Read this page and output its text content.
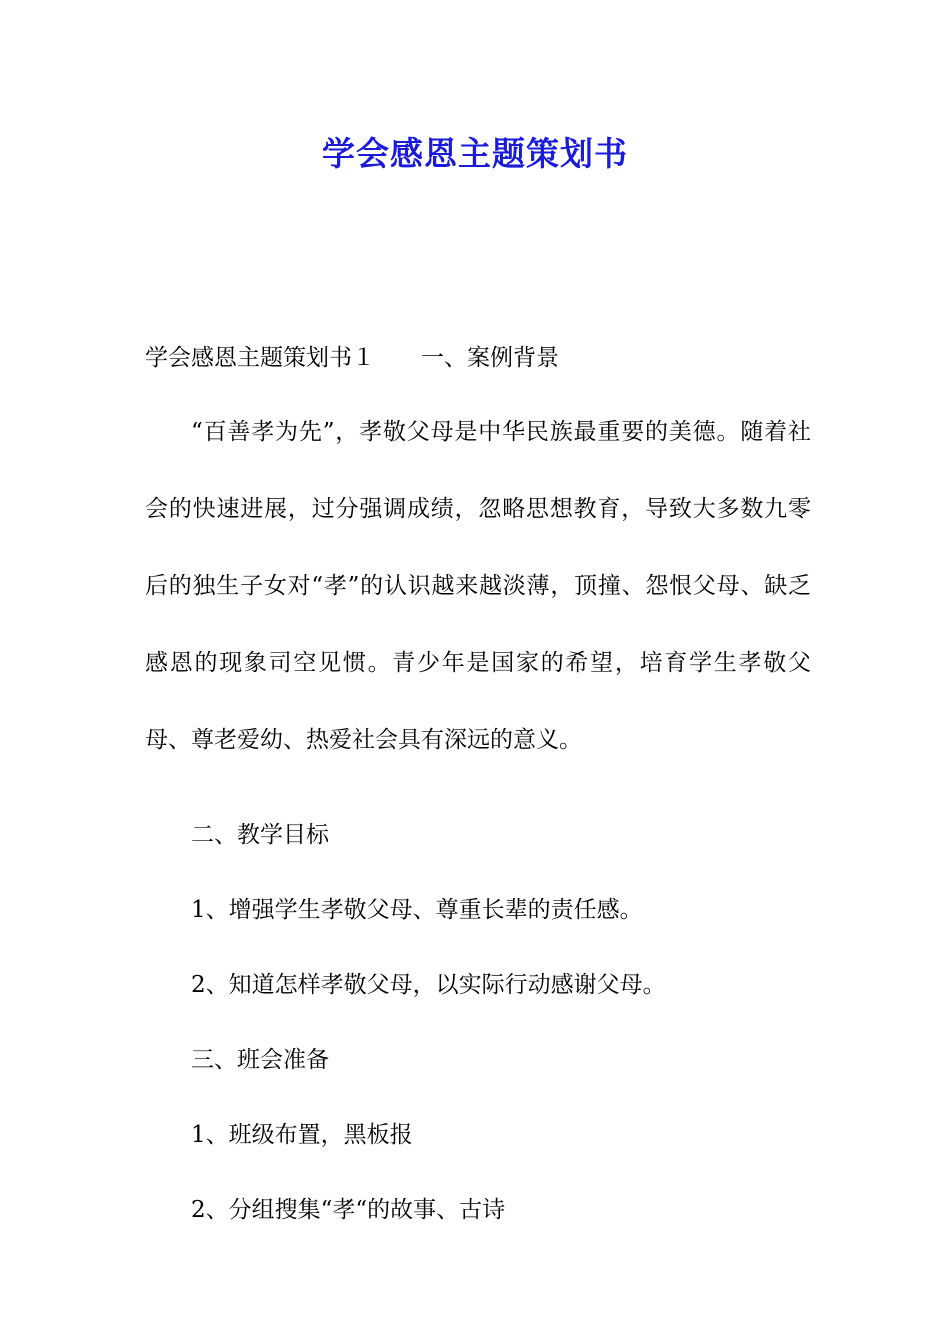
学会感恩主题策划书
学会感恩主题策划书１ 一、案例背景
“百善孝为先”，孝敬父母是中华民族最重要的美德。随着社会的快速进展，过分强调成绩，忽略思想教育，导致大多数九零后的独生子女对“孝”的认识越来越淡薄，顶撞、怨恨父母、缺乏感恩的现象司空见惯。青少年是国家的希望，培育学生孝敬父母、尊老爱幼、热爱社会具有深远的意义。
二、教学目标
1、增强学生孝敬父母、尊重长辈的责任感。
2、知道怎样孝敬父母，以实际行动感谢父母。
三、班会准备
1、班级布置，黑板报
2、分组搜集“孝“的故事、古诗
